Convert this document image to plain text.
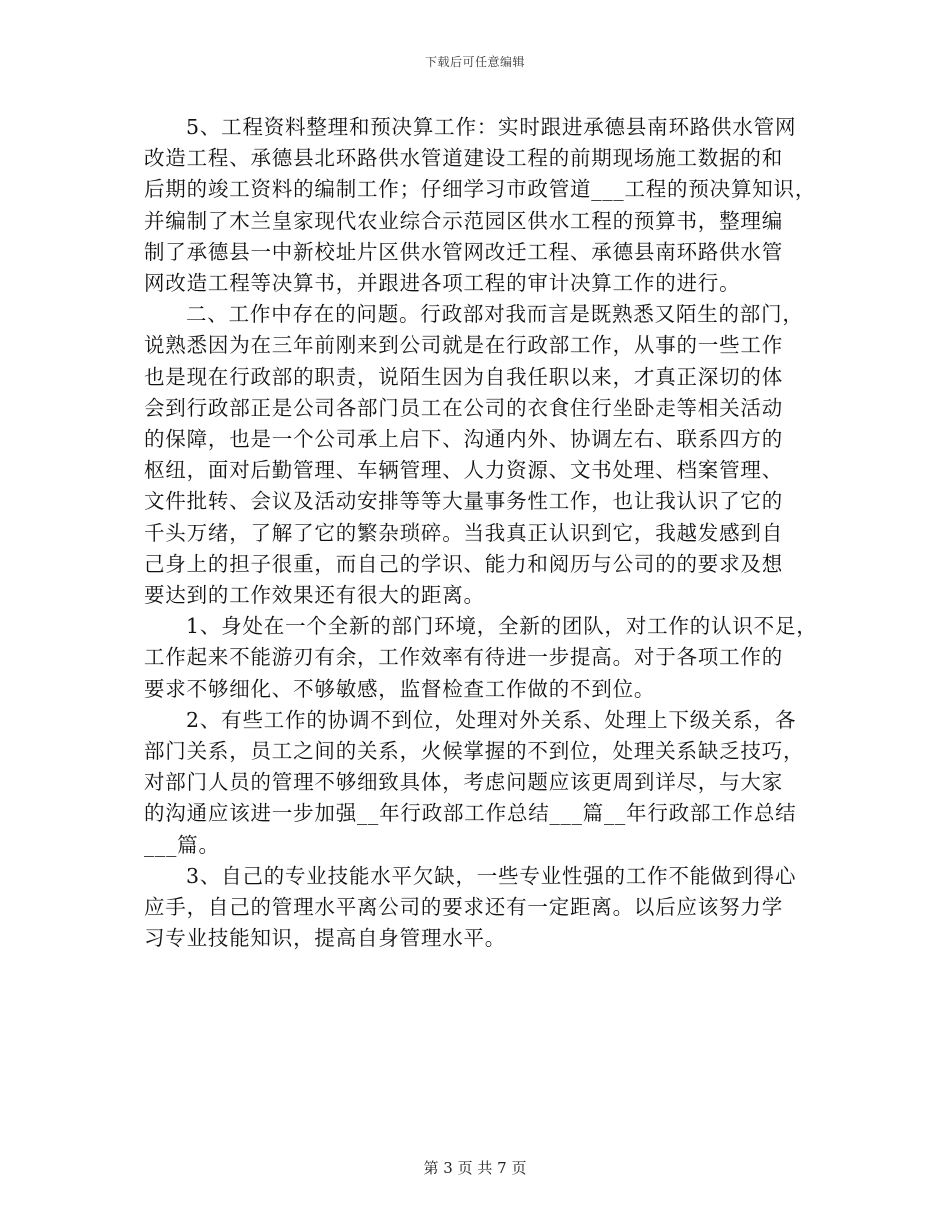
下载后可任意编辑
5、工程资料整理和预决算工作：实时跟进承德县南环路供水管网
改造工程、承德县北环路供水管道建设工程的前期现场施工数据的和
后期的竣工资料的编制工作；仔细学习市政管道___工程的预决算知识，
并编制了木兰皇家现代农业综合示范园区供水工程的预算书，整理编
制了承德县一中新校址片区供水管网改迁工程、承德县南环路供水管
网改造工程等决算书，并跟进各项工程的审计决算工作的进行。
二、工作中存在的问题。行政部对我而言是既熟悉又陌生的部门，
说熟悉因为在三年前刚来到公司就是在行政部工作，从事的一些工作
也是现在行政部的职责，说陌生因为自我任职以来，才真正深切的体
会到行政部正是公司各部门员工在公司的衣食住行坐卧走等相关活动
的保障，也是一个公司承上启下、沟通内外、协调左右、联系四方的
枢纽，面对后勤管理、车辆管理、人力资源、文书处理、档案管理、
文件批转、会议及活动安排等等大量事务性工作，也让我认识了它的
千头万绪，了解了它的繁杂琐碎。当我真正认识到它，我越发感到自
己身上的担子很重，而自己的学识、能力和阅历与公司的的要求及想
要达到的工作效果还有很大的距离。
1、身处在一个全新的部门环境，全新的团队，对工作的认识不足，
工作起来不能游刃有余，工作效率有待进一步提高。对于各项工作的
要求不够细化、不够敏感，监督检查工作做的不到位。
2、有些工作的协调不到位，处理对外关系、处理上下级关系，各
部门关系，员工之间的关系，火候掌握的不到位，处理关系缺乏技巧，
对部门人员的管理不够细致具体，考虑问题应该更周到详尽，与大家
的沟通应该进一步加强__年行政部工作总结___篇__年行政部工作总结
___篇。
3、自己的专业技能水平欠缺，一些专业性强的工作不能做到得心
应手，自己的管理水平离公司的要求还有一定距离。以后应该努力学
习专业技能知识，提高自身管理水平。
第 3 页 共 7 页
